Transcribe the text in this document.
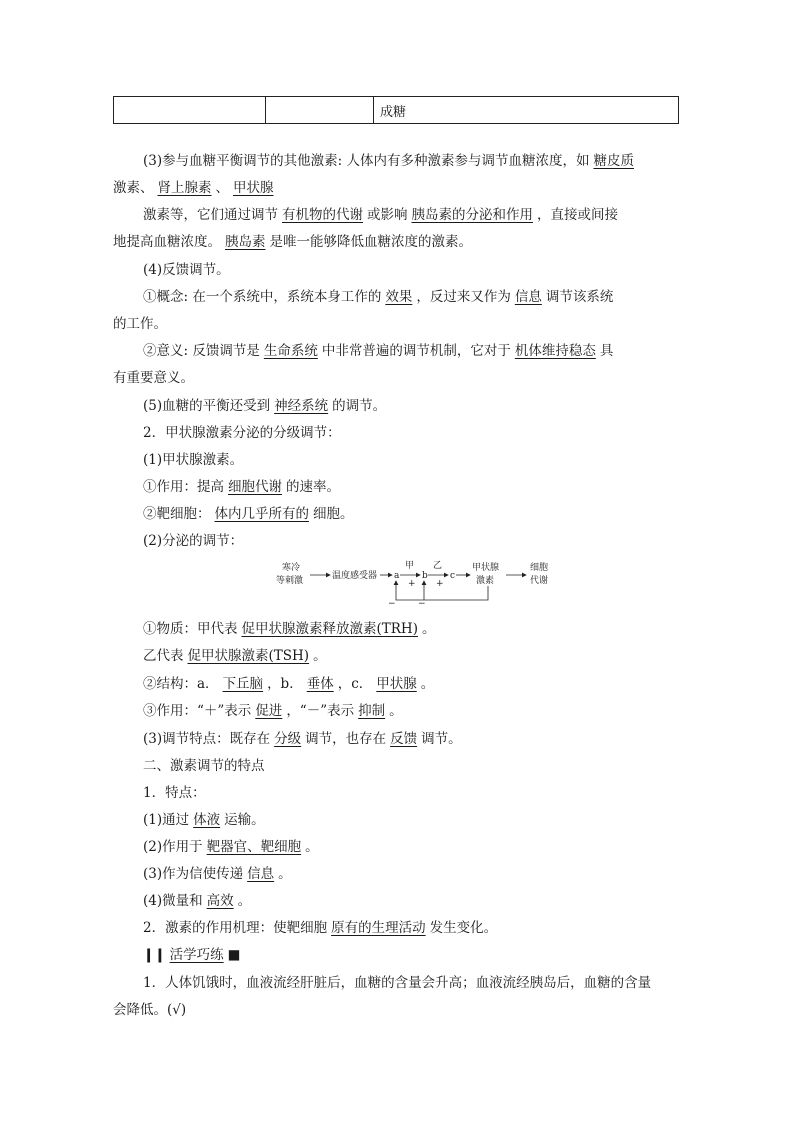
成糖
(3)参与血糖平衡调节的其他激素: 人体内有多种激素参与调节血糖浓度，如 糖皮质
激素、 肾上腺素 、 甲状腺
激素等，它们通过调节 有机物的代谢 或影响 胰岛素的分泌和作用 ，直接或间接
地提高血糖浓度。 胰岛素 是唯一能够降低血糖浓度的激素。
(4)反馈调节。
①概念: 在一个系统中，系统本身工作的 效果 ，反过来又作为 信息 调节该系统
的工作。
②意义: 反馈调节是 生命系统 中非常普遍的调节机制，它对于 机体维持稳态 具
有重要意义。
(5)血糖的平衡还受到 神经系统 的调节。
2．甲状腺激素分泌的分级调节：
(1)甲状腺激素。
①作用：提高 细胞代谢 的速率。
②靶细胞： 体内几乎所有的 细胞。
(2)分泌的调节：
寒冷
等刺激	温度感受器 a
甲
+
b
乙
+
c
甲状腺
激素
细胞
代谢
− −
①物质：甲代表 促甲状腺激素释放激素(TRH) 。
乙代表 促甲状腺激素(TSH) 。
②结构：a． 下丘脑 ，b． 垂体 ，c． 甲状腺 。
③作用：“＋”表示 促进 ，“－”表示 抑制 。
(3)调节特点：既存在 分级 调节，也存在 反馈 调节。
二、激素调节的特点
1．特点：
(1)通过 体液 运输。
(2)作用于 靶器官、靶细胞 。
(3)作为信使传递 信息 。
(4)微量和 高效 。
2．激素的作用机理：使靶细胞 原有的生理活动 发生变化。
❙❙ 活学巧练 ■
1．人体饥饿时，血液流经肝脏后，血糖的含量会升高；血液流经胰岛后，血糖的含量
会降低。(√)
